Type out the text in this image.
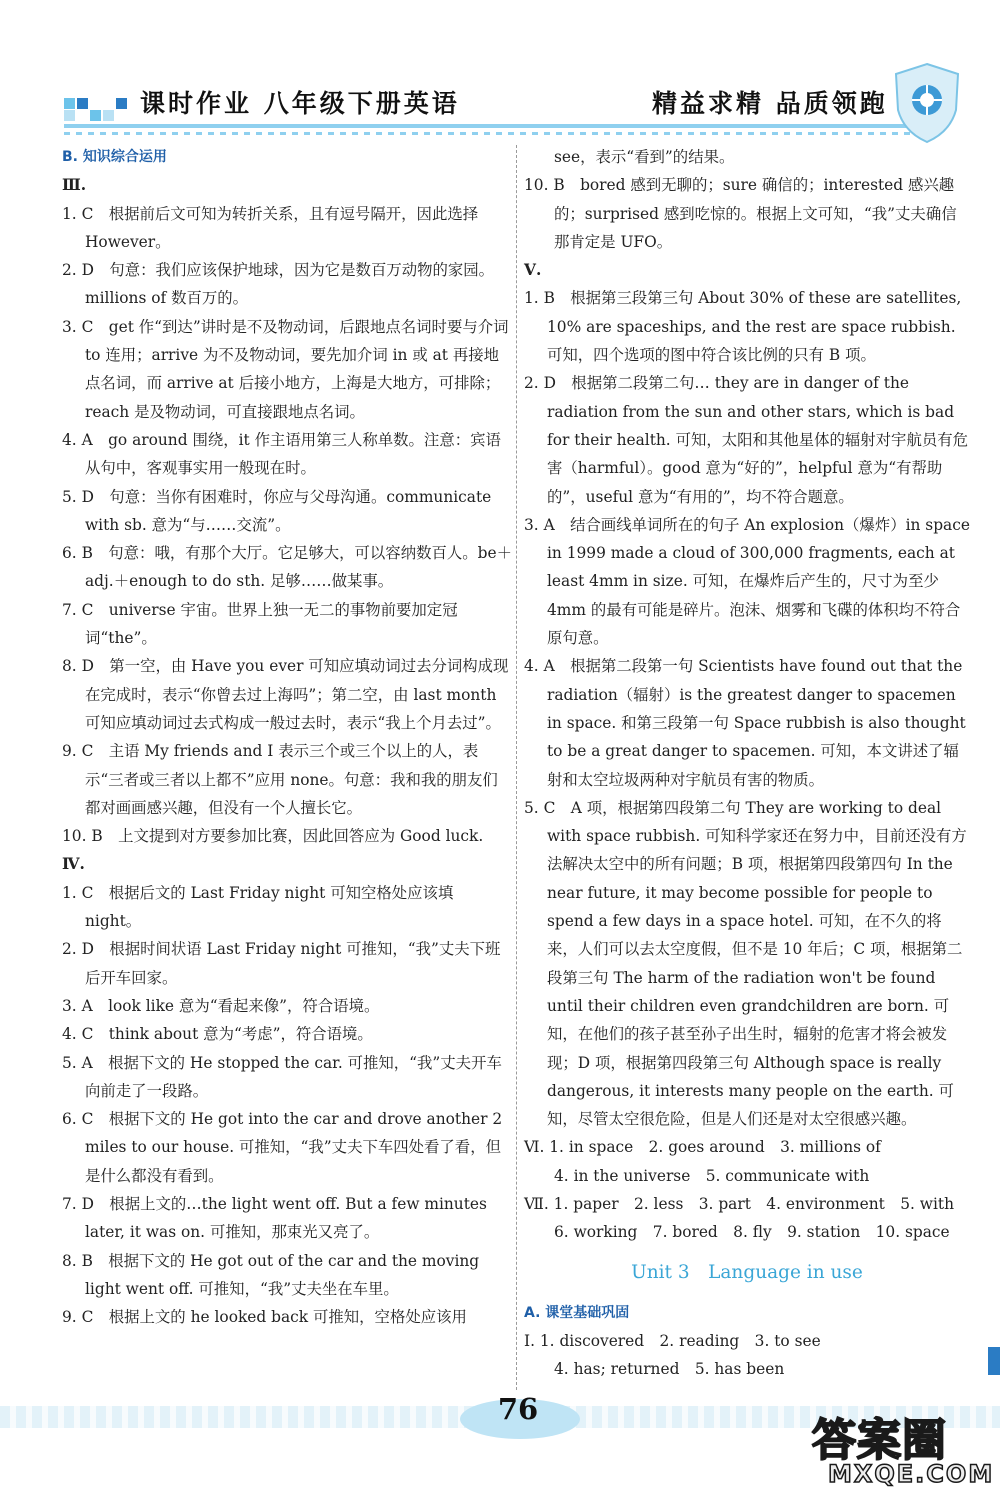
课时作业 八年级下册英语	精益求精 品质领跑

B. 知识综合运用

Ⅲ.

1. C　根据前后文可知为转折关系，且有逗号隔开，因此选择 However。

2. D　句意：我们应该保护地球，因为它是数百万动物的家园。millions of 数百万的。

3. C　get 作“到达”讲时是不及物动词，后跟地点名词时要与介词 to 连用；arrive 为不及物动词，要先加介词 in 或 at 再接地点名词，而 arrive at 后接小地方，上海是大地方，可排除；reach 是及物动词，可直接跟地点名词。

4. A　go around 围绕，it 作主语用第三人称单数。注意：宾语从句中，客观事实用一般现在时。

5. D　句意：当你有困难时，你应与父母沟通。communicate with sb. 意为“与……交流”。

6. B　句意：哦，有那个大厅。它足够大，可以容纳数百人。be＋adj.＋enough to do sth. 足够……做某事。

7. C　universe 宇宙。世界上独一无二的事物前要加定冠词“the”。

8. D　第一空，由 Have you ever 可知应填动词过去分词构成现在完成时，表示“你曾去过上海吗”；第二空，由 last month 可知应填动词过去式构成一般过去时，表示“我上个月去过”。

9. C　主语 My friends and I 表示三个或三个以上的人，表示“三者或三者以上都不”应用 none。句意：我和我的朋友们都对画画感兴趣，但没有一个人擅长它。

10. B　上文提到对方要参加比赛，因此回答应为 Good luck.

Ⅳ.

1. C　根据后文的 Last Friday night 可知空格处应该填 night。

2. D　根据时间状语 Last Friday night 可推知，“我”丈夫下班后开车回家。

3. A　look like 意为“看起来像”，符合语境。

4. C　think about 意为“考虑”，符合语境。

5. A　根据下文的 He stopped the car. 可推知，“我”丈夫开车向前走了一段路。

6. C　根据下文的 He got into the car and drove another 2 miles to our house. 可推知，“我”丈夫下车四处看了看，但是什么都没有看到。

7. D　根据上文的…the light went off. But a few minutes later, it was on. 可推知，那束光又亮了。

8. B　根据下文的 He got out of the car and the moving light went off. 可推知，“我”丈夫坐在车里。

9. C　根据上文的 he looked back 可推知，空格处应该用

see，表示“看到”的结果。

10. B　bored 感到无聊的；sure 确信的；interested 感兴趣的；surprised 感到吃惊的。根据上文可知，“我”丈夫确信那肯定是 UFO。

Ⅴ.

1. B　根据第三段第三句 About 30% of these are satellites, 10% are spaceships, and the rest are space rubbish. 可知，四个选项的图中符合该比例的只有 B 项。

2. D　根据第二段第二句… they are in danger of the radiation from the sun and other stars, which is bad for their health. 可知，太阳和其他星体的辐射对宇航员有危害（harmful）。good 意为“好的”，helpful 意为“有帮助的”，useful 意为“有用的”，均不符合题意。

3. A　结合画线单词所在的句子 An explosion（爆炸）in space in 1999 made a cloud of 300,000 fragments, each at least 4mm in size. 可知，在爆炸后产生的，尺寸为至少 4mm 的最有可能是碎片。泡沫、烟雾和飞碟的体积均不符合原句意。

4. A　根据第二段第一句 Scientists have found out that the radiation（辐射）is the greatest danger to spacemen in space. 和第三段第一句 Space rubbish is also thought to be a great danger to spacemen. 可知，本文讲述了辐射和太空垃圾两种对宇航员有害的物质。

5. C　A 项，根据第四段第二句 They are working to deal with space rubbish. 可知科学家还在努力中，目前还没有方法解决太空中的所有问题；B 项，根据第四段第四句 In the near future, it may become possible for people to spend a few days in a space hotel. 可知，在不久的将来，人们可以去太空度假，但不是 10 年后；C 项，根据第二段第三句 The harm of the radiation won't be found until their children even grandchildren are born. 可知，在他们的孩子甚至孙子出生时，辐射的危害才将会被发现；D 项，根据第四段第三句 Although space is really dangerous, it interests many people on the earth. 可知，尽管太空很危险，但是人们还是对太空很感兴趣。

Ⅵ. 1. in space　2. goes around　3. millions of

4. in the universe　5. communicate with

Ⅶ. 1. paper　2. less　3. part　4. environment　5. with

6. working　7. bored　8. fly　9. station　10. space

Unit 3　Language in use

A. 课堂基础巩固

Ⅰ. 1. discovered　2. reading　3. to see

4. has; returned　5. has been

76
答案圈
MXQE.COM
